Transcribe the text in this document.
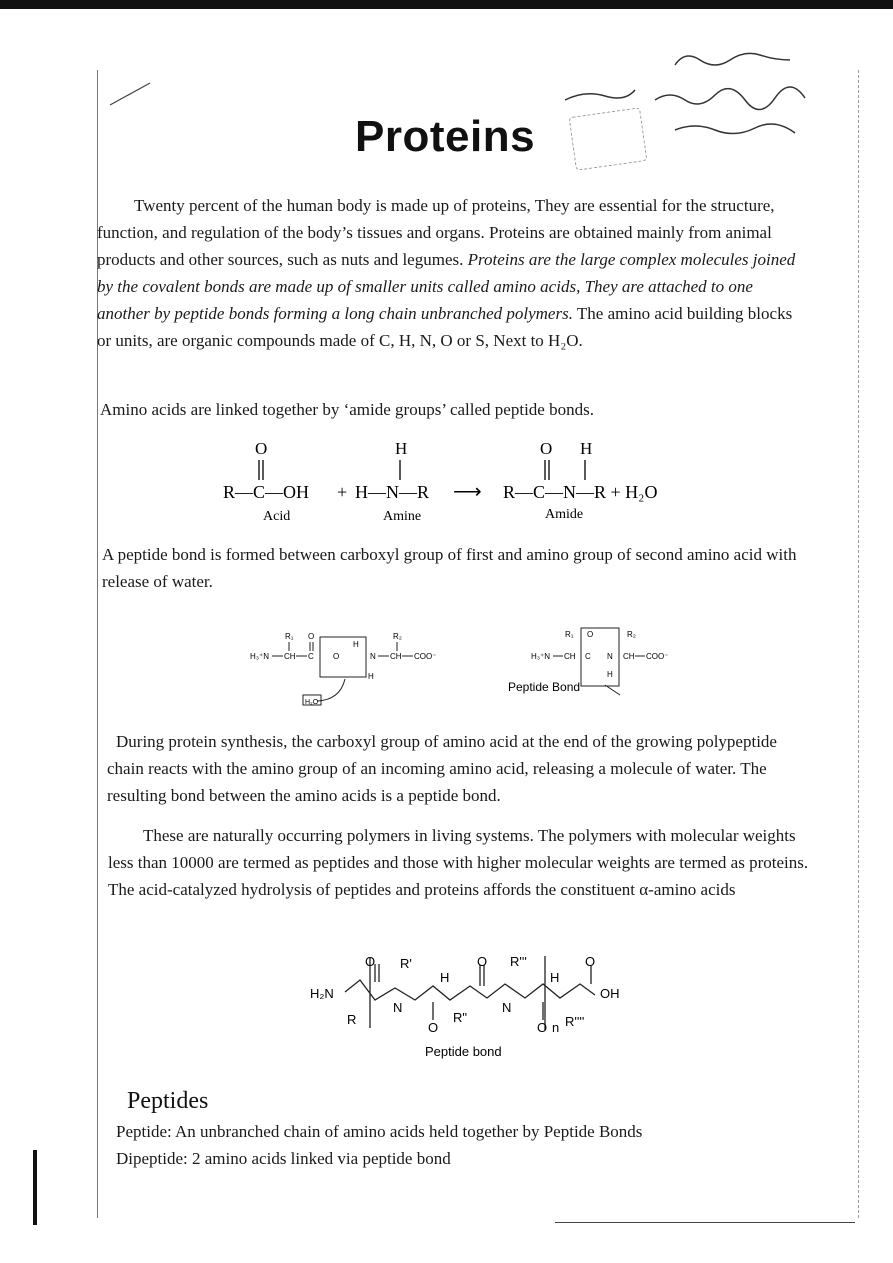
Proteins
Twenty percent of the human body is made up of proteins, They are essential for the structure, function, and regulation of the body’s tissues and organs. Proteins are obtained mainly from animal products and other sources, such as nuts and legumes. Proteins are the large complex molecules joined by the covalent bonds are made up of smaller units called amino acids, They are attached to one another by peptide bonds forming a long chain unbranched polymers. The amino acid building blocks or units, are organic compounds made of C, H, N, O or S, Next to H₂O.
Amino acids are linked together by ‘amide groups’ called peptide bonds.
O
R—C—OH +
H
H—N—R ⟶
O H
R—C—N—R + H₂O
Acid	Amine	Amide
A peptide bond is formed between carboxyl group of first and amino group of second amino acid with release of water.
H₃⁺N CH
R₁
C
O
O
H
N
R₂
CH COO⁻
H
H₂O
H₃⁺N CH
R₁
C
O
N
H
R₂
CH COO⁻
Peptide Bond
During protein synthesis, the carboxyl group of amino acid at the end of the growing polypeptide chain reacts with the amino group of an incoming amino acid, releasing a molecule of water. The resulting bond between the amino acids is a peptide bond.
These are naturally occurring polymers in living systems. The polymers with molecular weights less than 10000 are termed as peptides and those with higher molecular weights are termed as proteins. The acid-catalyzed hydrolysis of peptides and proteins affords the constituent α-amino acids
H₂N
R
O R'
N
O
H
R"
O R'''
N
O n
H
O
OH
R''''
Peptide bond
Peptides
Peptide: An unbranched chain of amino acids held together by Peptide Bonds
Dipeptide: 2 amino acids linked via peptide bond
